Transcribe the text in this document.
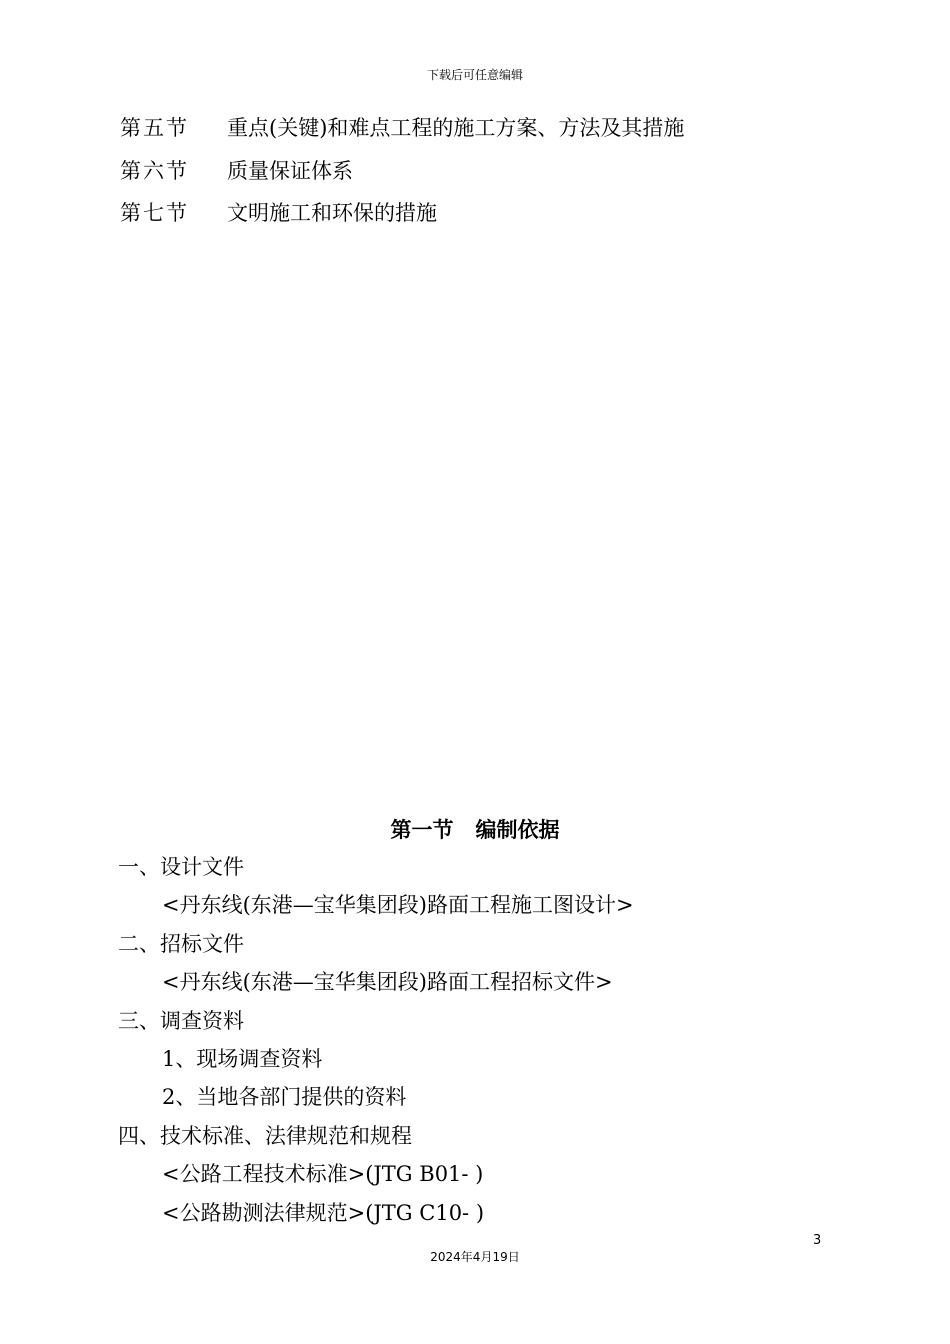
下载后可任意编辑
第五节 重点(关键)和难点工程的施工方案、方法及其措施
第六节 质量保证体系
第七节 文明施工和环保的措施
第一节   编制依据
一、设计文件
<丹东线(东港—宝华集团段)路面工程施工图设计>
二、招标文件
<丹东线(东港—宝华集团段)路面工程招标文件>
三、调查资料
1、现场调查资料
2、当地各部门提供的资料
四、技术标准、法律规范和规程
<公路工程技术标准>(JTG B01- )
<公路勘测法律规范>(JTG C10- )
3
2024年4月19日
